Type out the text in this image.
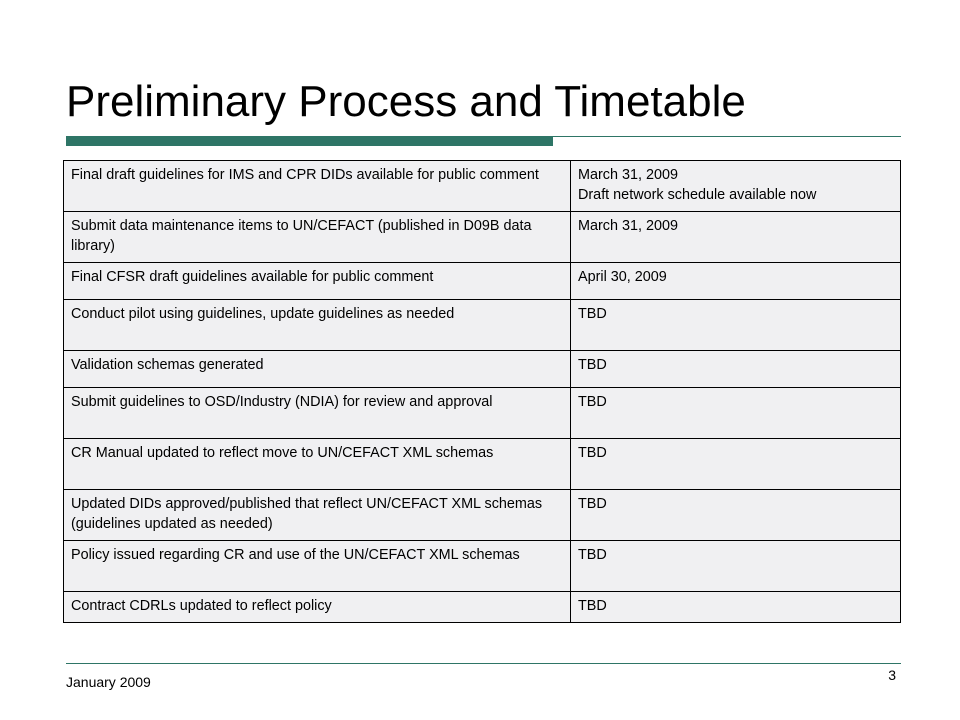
Preliminary Process and Timetable
Final draft guidelines for IMS and CPR DIDs available for public comment	March 31, 2009
Draft network schedule available now

Submit data maintenance items to UN/CEFACT (published in D09B data library)	March 31, 2009

Final CFSR draft guidelines available for public comment	April 30, 2009

Conduct pilot using guidelines, update guidelines as needed	TBD

Validation schemas generated	TBD

Submit guidelines to OSD/Industry (NDIA) for review and approval	TBD

CR Manual updated to reflect move to UN/CEFACT XML schemas	TBD

Updated DIDs approved/published that reflect UN/CEFACT XML schemas (guidelines updated as needed)	TBD

Policy issued regarding CR and use of the UN/CEFACT XML schemas	TBD

Contract CDRLs updated to reflect policy	TBD
January 2009	3
